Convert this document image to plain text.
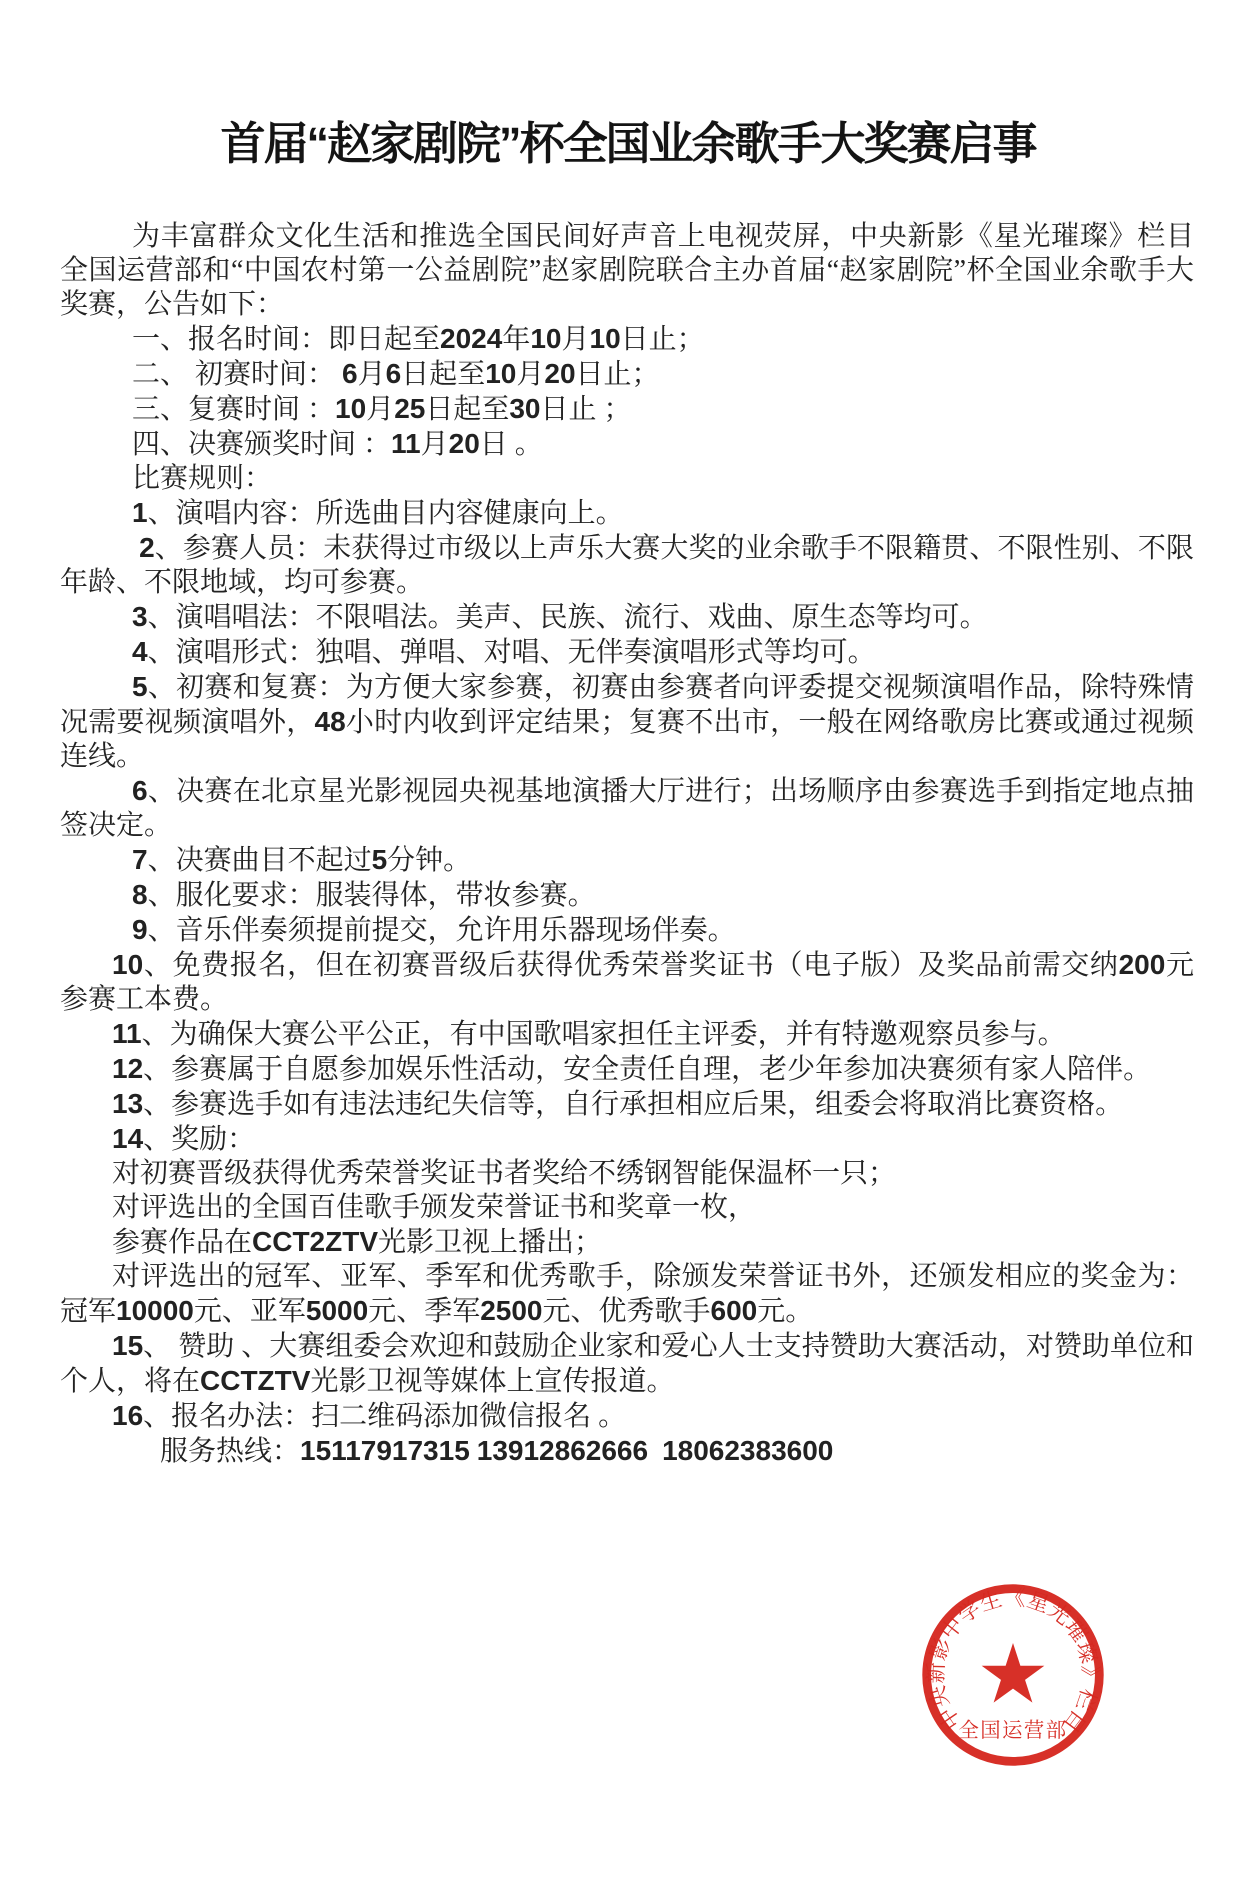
首届“赵家剧院”杯全国业余歌手大奖赛启事

为丰富群众文化生活和推选全国民间好声音上电视荧屏，中央新影《星光璀璨》栏目全国运营部和“中国农村第一公益剧院”赵家剧院联合主办首届“赵家剧院”杯全国业余歌手大奖赛，公告如下：

一、报名时间：即日起至2024年10月10日止；

二、 初赛时间： 6月6日起至10月20日止；

三、复赛时间 ：10月25日起至30日止 ；

四、决赛颁奖时间 ：11月20日 。

比赛规则：

1、演唱内容：所选曲目内容健康向上。

2、参赛人员：未获得过市级以上声乐大赛大奖的业余歌手不限籍贯、不限性别、不限年龄、不限地域，均可参赛。

3、演唱唱法：不限唱法。美声、民族、流行、戏曲、原生态等均可。

4、演唱形式：独唱、弹唱、对唱、无伴奏演唱形式等均可。

5、初赛和复赛：为方便大家参赛，初赛由参赛者向评委提交视频演唱作品，除特殊情况需要视频演唱外，48小时内收到评定结果；复赛不出市，一般在网络歌房比赛或通过视频连线。

6、决赛在北京星光影视园央视基地演播大厅进行；出场顺序由参赛选手到指定地点抽签决定。

7、决赛曲目不起过5分钟。

8、服化要求：服装得体，带妆参赛。

9、音乐伴奏须提前提交，允许用乐器现场伴奏。

10、免费报名，但在初赛晋级后获得优秀荣誉奖证书（电子版）及奖品前需交纳200元参赛工本费。

11、为确保大赛公平公正，有中国歌唱家担任主评委，并有特邀观察员参与。

12、参赛属于自愿参加娱乐性活动，安全责任自理，老少年参加决赛须有家人陪伴。

13、参赛选手如有违法违纪失信等，自行承担相应后果，组委会将取消比赛资格。

14、奖励：

对初赛晋级获得优秀荣誉奖证书者奖给不绣钢智能保温杯一只；

对评选出的全国百佳歌手颁发荣誉证书和奖章一枚，

参赛作品在CCT2ZTV光影卫视上播出；

对评选出的冠军、亚军、季军和优秀歌手，除颁发荣誉证书外，还颁发相应的奖金为：冠军10000元、亚军5000元、季军2500元、优秀歌手600元。

15、 赞助 、大赛组委会欢迎和鼓励企业家和爱心人士支持赞助大赛活动，对赞助单位和个人，将在CCTZTV光影卫视等媒体上宣传报道。

16、报名办法：扫二维码添加微信报名 。

服务热线：15117917315 13912862666 18062383600

中央新影中学生《星光璀璨》栏目
全国运营部
